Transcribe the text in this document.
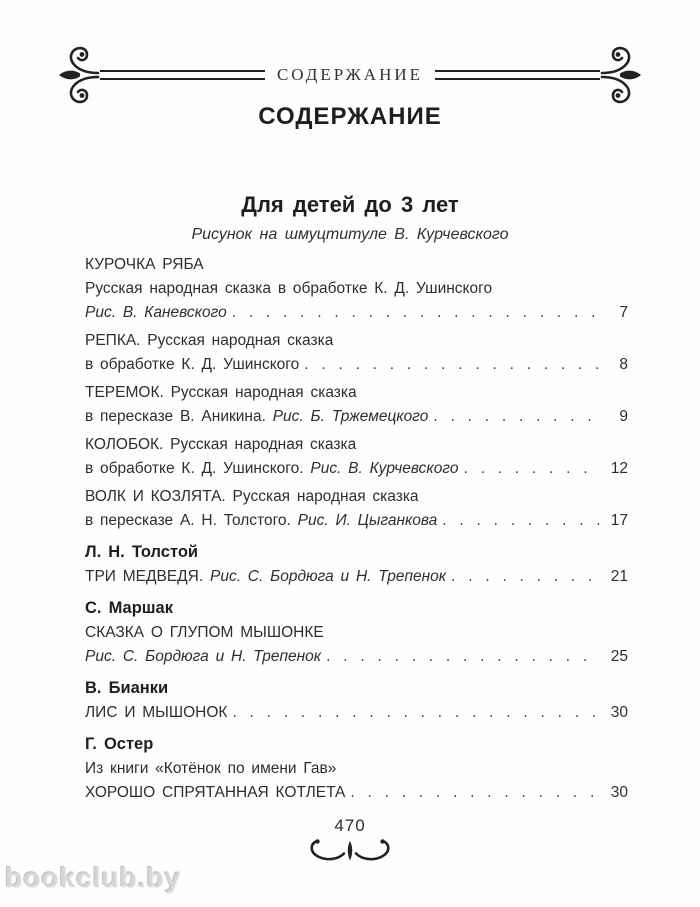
СОДЕРЖАНИЕ
СОДЕРЖАНИЕ
Для детей до 3 лет
Рисунок на шмуцтитуле В. Курчевского
КУРОЧКА РЯБА
Русская народная сказка в обработке К. Д. Ушинского
Рис. В. Каневского . . .	7
РЕПКА. Русская народная сказка
в обработке К. Д. Ушинского . . .	8
ТЕРЕМОК. Русская народная сказка
в пересказе В. Аникина. Рис. Б. Тржемецкого . . .	9
КОЛОБОК. Русская народная сказка
в обработке К. Д. Ушинского. Рис. В. Курчевского . . .	12
ВОЛК И КОЗЛЯТА. Русская народная сказка
в пересказе А. Н. Толстого. Рис. И. Цыганкова . . .	17
Л. Н. Толстой
ТРИ МЕДВЕДЯ. Рис. С. Бордюга и Н. Трепенок . . .	21
С. Маршак
СКАЗКА О ГЛУПОМ МЫШОНКЕ
Рис. С. Бордюга и Н. Трепенок . . .	25
В. Бианки
ЛИС И МЫШОНОК . . .	30
Г. Остер
Из книги «Котёнок по имени Гав»
ХОРОШО СПРЯТАННАЯ КОТЛЕТА . . .	30
470
bookclub.by
